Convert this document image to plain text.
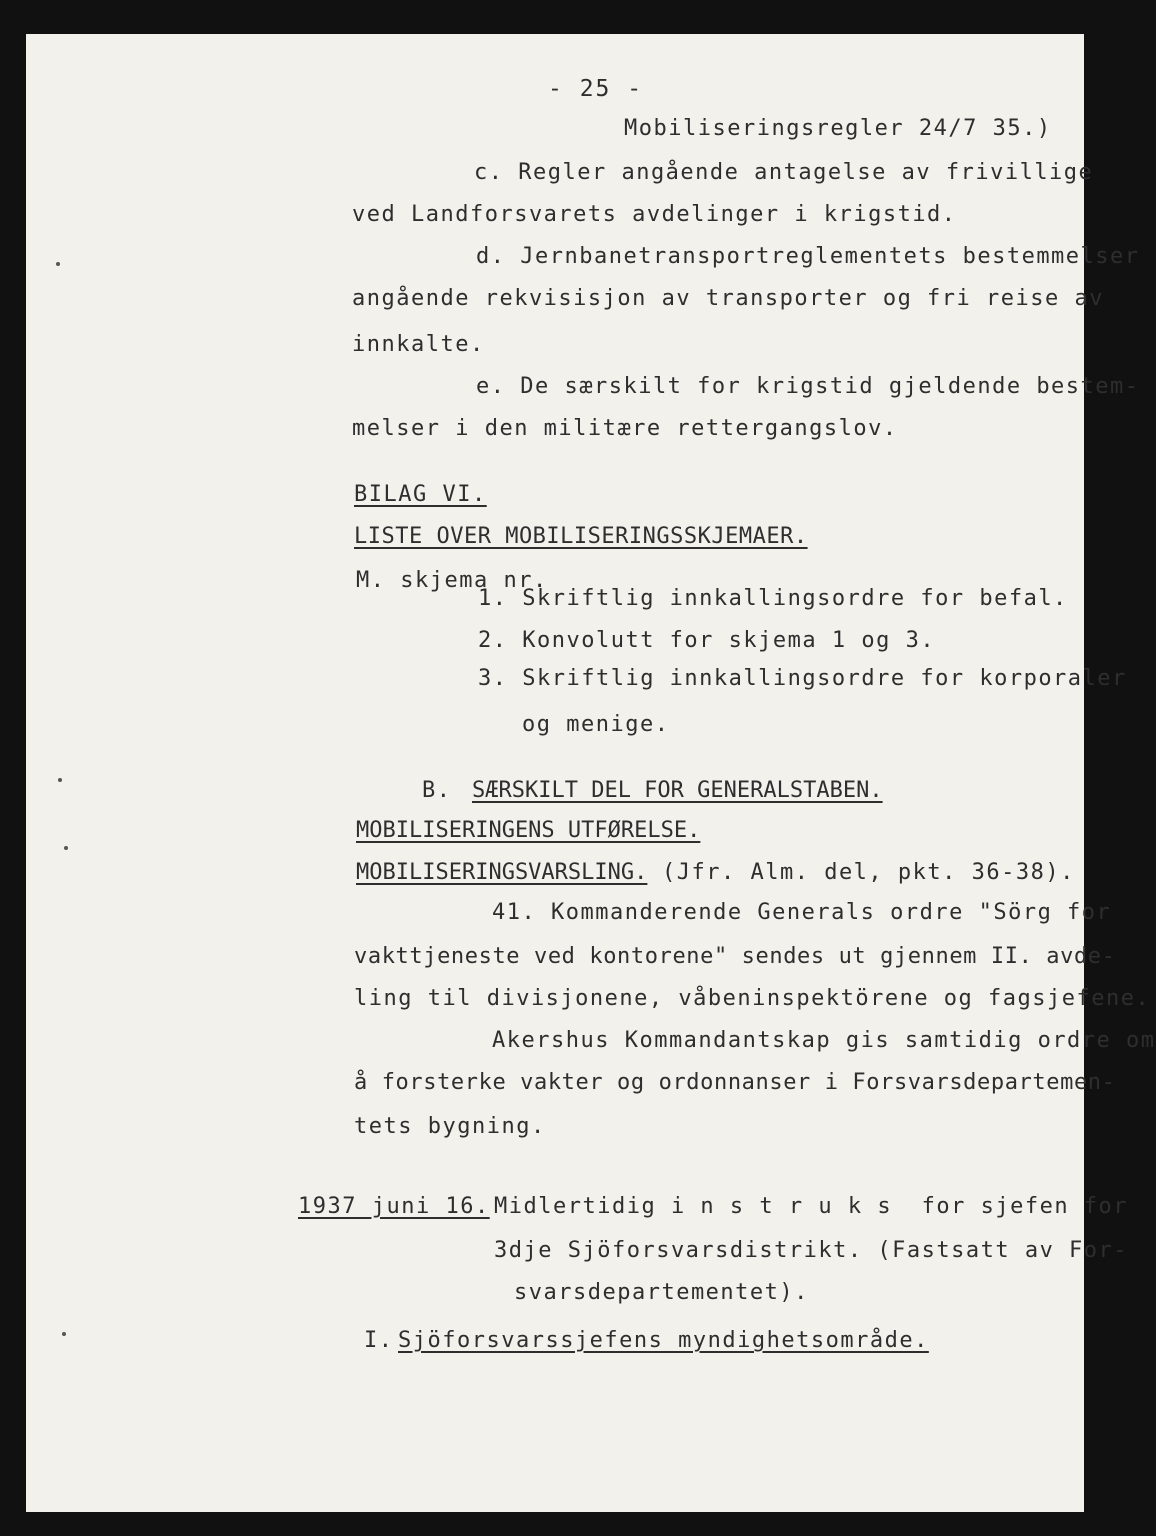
- 25 -
Mobiliseringsregler 24/7 35.)
c. Regler angående antagelse av frivillige
ved Landforsvarets avdelinger i krigstid.
d. Jernbanetransportreglementets bestemmelser
angående rekvisisjon av transporter og fri reise av
innkalte.
e. De særskilt for krigstid gjeldende bestem-
melser i den militære rettergangslov.
BILAG VI.
LISTE OVER MOBILISERINGSSKJEMAER.
M. skjema nr.
1. Skriftlig innkallingsordre for befal.
2. Konvolutt for skjema 1 og 3.
3. Skriftlig innkallingsordre for korporaler
og menige.
B. SÆRSKILT DEL FOR GENERALSTABEN.
MOBILISERINGENS UTFØRELSE.
MOBILISERINGSVARSLING. (Jfr. Alm. del, pkt. 36-38).
41. Kommanderende Generals ordre "Sörg for
vakttjeneste ved kontorene" sendes ut gjennem II. avde-
ling til divisjonene, våbeninspektörene og fagsjefene.
Akershus Kommandantskap gis samtidig ordre om
å forsterke vakter og ordonnanser i Forsvarsdepartemen-
tets bygning.
1937 juni 16. Midlertidig i n s t r u k s  for sjefen for
3dje Sjöforsvarsdistrikt. (Fastsatt av For-
svarsdepartementet).
I. Sjöforsvarssjefens myndighetsområde.
